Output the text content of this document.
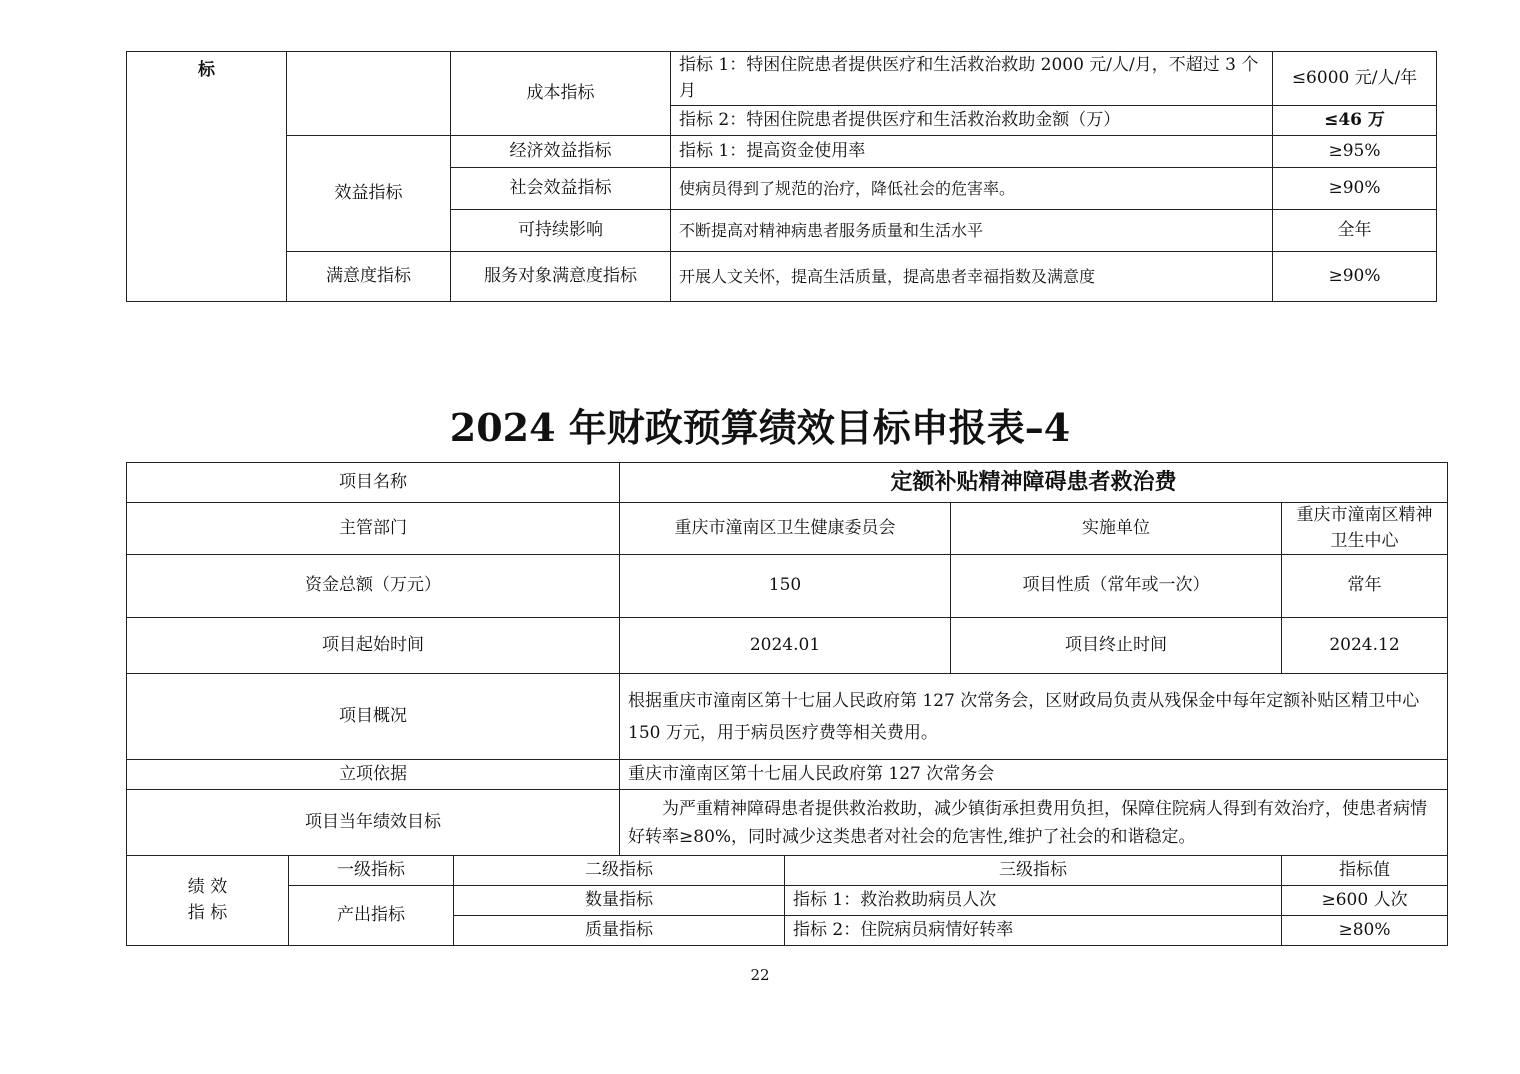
标		成本指标	指标 1：特困住院患者提供医疗和生活救治救助 2000 元/人/月，不超过 3 个月	≤6000 元/人/年
			指标 2：特困住院患者提供医疗和生活救治救助金额（万）	≤46 万
	效益指标	经济效益指标	指标 1：提高资金使用率	≥95%
		社会效益指标	使病员得到了规范的治疗，降低社会的危害率。	≥90%
		可持续影响	不断提高对精神病患者服务质量和生活水平	全年
	满意度指标	服务对象满意度指标	开展人文关怀，提高生活质量，提高患者幸福指数及满意度	≥90%
2024 年财政预算绩效目标申报表–4
项目名称			定额补贴精神障碍患者救治费			
主管部门			重庆市潼南区卫生健康委员会		实施单位	重庆市潼南区精神卫生中心
资金总额（万元）			150		项目性质（常年或一次）	常年
项目起始时间			2024.01		项目终止时间	2024.12
项目概况			根据重庆市潼南区第十七届人民政府第 127 次常务会，区财政局负责从残保金中每年定额补贴区精卫中心 150 万元，用于病员医疗费等相关费用。			
立项依据			重庆市潼南区第十七届人民政府第 127 次常务会			
项目当年绩效目标			为严重精神障碍患者提供救治救助，减少镇街承担费用负担，保障住院病人得到有效治疗，使患者病情好转率≥80%，同时减少这类患者对社会的危害性,维护了社会的和谐稳定。			

绩 效
指 标	一级指标	二级指标		三级指标		指标值
	产出指标	数量指标		指标 1：救治救助病员人次		≥600 人次
		质量指标		指标 2：住院病员病情好转率		≥80%
22
